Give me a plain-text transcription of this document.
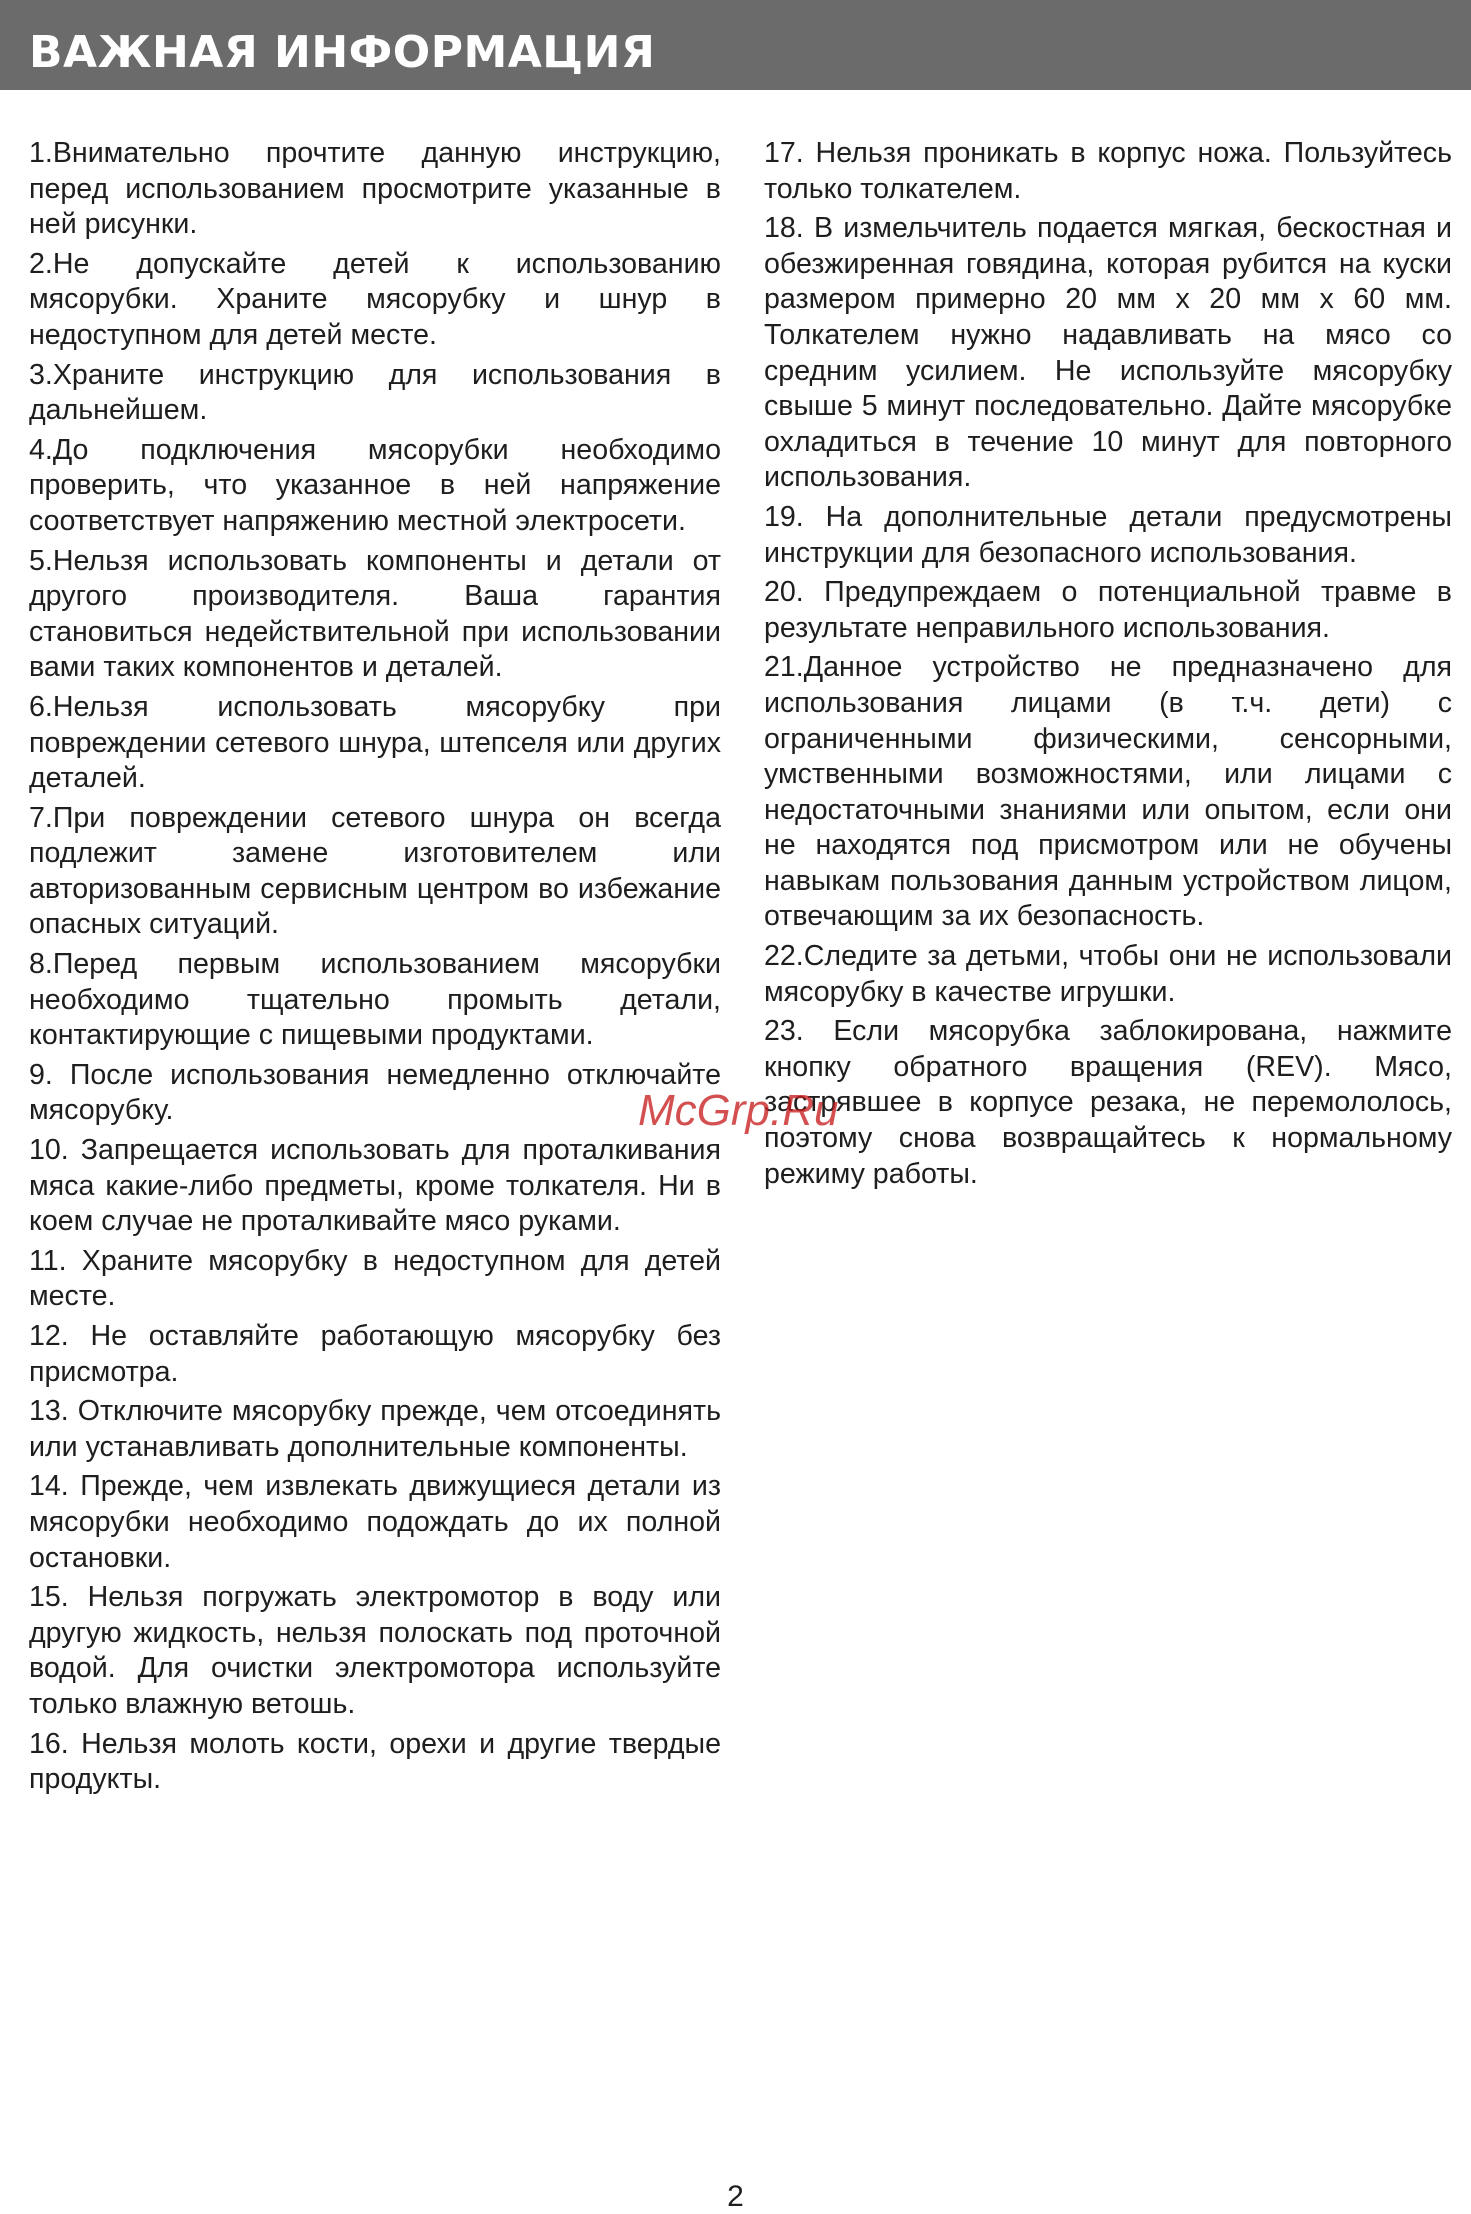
ВАЖНАЯ ИНФОРМАЦИЯ

1.Внимательно прочтите данную инструкцию, перед использованием просмотрите указанные в ней рисунки.

2.Не допускайте детей к использованию мясорубки. Храните мясорубку и шнур в недоступном для детей месте.

3.Храните инструкцию для использования в дальнейшем.

4.До подключения мясорубки необходимо проверить, что указанное в ней напряжение соответствует напряжению местной электросети.

5.Нельзя использовать компоненты и детали от другого производителя. Ваша гарантия становиться недействительной при использовании вами таких компонентов и деталей.

6.Нельзя использовать мясорубку при повреждении сетевого шнура, штепселя или других деталей.

7.При повреждении сетевого шнура он всегда подлежит замене изготовителем или авторизованным сервисным центром во избежание опасных ситуаций.

8.Перед первым использованием мясорубки необходимо тщательно промыть детали, контактирующие с пищевыми продуктами.

9. После использования немедленно отключайте мясорубку.

10. Запрещается использовать для проталкивания мяса какие-либо предметы, кроме толкателя. Ни в коем случае не проталкивайте мясо руками.

11. Храните мясорубку в недоступном для детей месте.

12. Не оставляйте работающую мясорубку без присмотра.

13. Отключите мясорубку прежде, чем отсоединять или устанавливать дополнительные компоненты.

14. Прежде, чем извлекать движущиеся детали из мясорубки необходимо подождать до их полной остановки.

15. Нельзя погружать электромотор в воду или другую жидкость, нельзя полоскать под проточной водой. Для очистки электромотора используйте только влажную ветошь.

16. Нельзя молоть кости, орехи и другие твердые продукты.

17. Нельзя проникать в корпус ножа. Пользуйтесь только толкателем.

18. В измельчитель подается мягкая, бескостная и обезжиренная говядина, которая рубится на куски размером примерно 20 мм х 20 мм х 60 мм. Толкателем нужно надавливать на мясо со средним усилием. Не используйте мясорубку свыше 5 минут последовательно. Дайте мясорубке охладиться в течение 10 минут для повторного использования.

19. На дополнительные детали предусмотрены инструкции для безопасного использования.

20. Предупреждаем о потенциальной травме в результате неправильного использования.

21.Данное устройство не предназначено для использования лицами (в т.ч. дети) с ограниченными физическими, сенсорными, умственными возможностями, или лицами с недостаточными знаниями или опытом, если они не находятся под присмотром или не обучены навыкам пользования данным устройством лицом, отвечающим за их безопасность.

22.Следите за детьми, чтобы они не использовали мясорубку в качестве игрушки.

23. Если мясорубка заблокирована, нажмите кнопку обратного вращения (REV). Мясо, застрявшее в корпусе резака, не перемололось, поэтому снова возвращайтесь к нормальному режиму работы.

McGrp.Ru
2
